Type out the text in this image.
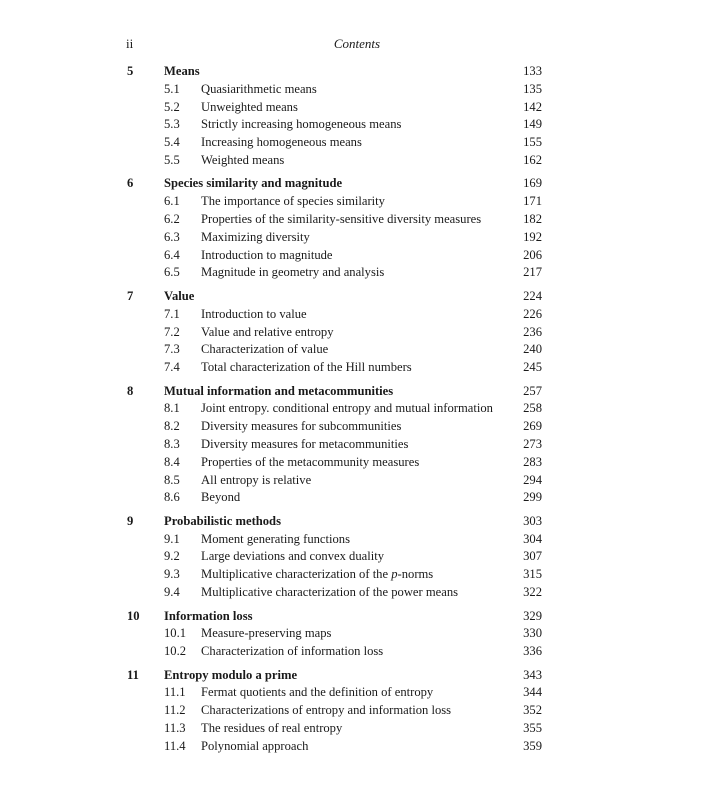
ii	Contents
5 Means	133
5.1 Quasiarithmetic means	135
5.2 Unweighted means	142
5.3 Strictly increasing homogeneous means	149
5.4 Increasing homogeneous means	155
5.5 Weighted means	162
6 Species similarity and magnitude	169
6.1 The importance of species similarity	171
6.2 Properties of the similarity-sensitive diversity measures	182
6.3 Maximizing diversity	192
6.4 Introduction to magnitude	206
6.5 Magnitude in geometry and analysis	217
7 Value	224
7.1 Introduction to value	226
7.2 Value and relative entropy	236
7.3 Characterization of value	240
7.4 Total characterization of the Hill numbers	245
8 Mutual information and metacommunities	257
8.1 Joint entropy. conditional entropy and mutual information 258
8.2 Diversity measures for subcommunities	269
8.3 Diversity measures for metacommunities	273
8.4 Properties of the metacommunity measures	283
8.5 All entropy is relative	294
8.6 Beyond	299
9 Probabilistic methods	303
9.1 Moment generating functions	304
9.2 Large deviations and convex duality	307
9.3 Multiplicative characterization of the p-norms	315
9.4 Multiplicative characterization of the power means	322
10 Information loss	329
10.1 Measure-preserving maps	330
10.2 Characterization of information loss	336
11 Entropy modulo a prime	343
11.1 Fermat quotients and the definition of entropy	344
11.2 Characterizations of entropy and information loss	352
11.3 The residues of real entropy	355
11.4 Polynomial approach	359
